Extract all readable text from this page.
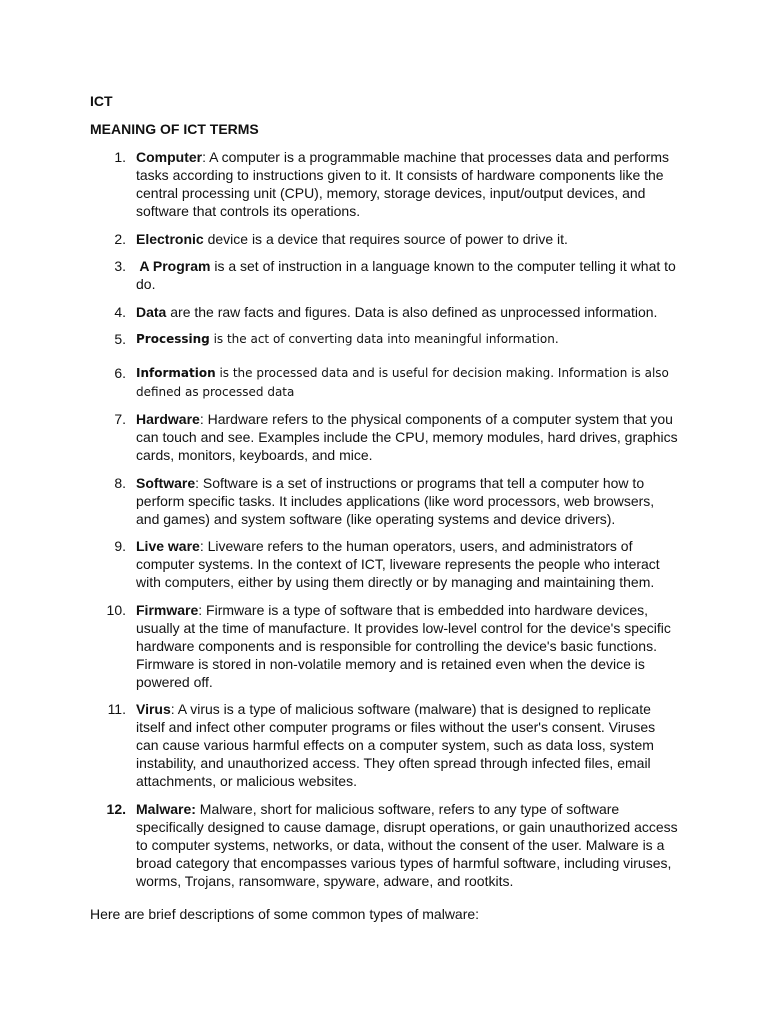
ICT
MEANING OF ICT TERMS
1. Computer: A computer is a programmable machine that processes data and performs tasks according to instructions given to it. It consists of hardware components like the central processing unit (CPU), memory, storage devices, input/output devices, and software that controls its operations.
2. Electronic device is a device that requires source of power to drive it.
3. A Program is a set of instruction in a language known to the computer telling it what to do.
4. Data are the raw facts and figures. Data is also defined as unprocessed information.
5. Processing is the act of converting data into meaningful information.
6. Information is the processed data and is useful for decision making. Information is also defined as processed data
7. Hardware: Hardware refers to the physical components of a computer system that you can touch and see. Examples include the CPU, memory modules, hard drives, graphics cards, monitors, keyboards, and mice.
8. Software: Software is a set of instructions or programs that tell a computer how to perform specific tasks. It includes applications (like word processors, web browsers, and games) and system software (like operating systems and device drivers).
9. Live ware: Liveware refers to the human operators, users, and administrators of computer systems. In the context of ICT, liveware represents the people who interact with computers, either by using them directly or by managing and maintaining them.
10. Firmware: Firmware is a type of software that is embedded into hardware devices, usually at the time of manufacture. It provides low-level control for the device's specific hardware components and is responsible for controlling the device's basic functions. Firmware is stored in non-volatile memory and is retained even when the device is powered off.
11. Virus: A virus is a type of malicious software (malware) that is designed to replicate itself and infect other computer programs or files without the user's consent. Viruses can cause various harmful effects on a computer system, such as data loss, system instability, and unauthorized access. They often spread through infected files, email attachments, or malicious websites.
12. Malware: Malware, short for malicious software, refers to any type of software specifically designed to cause damage, disrupt operations, or gain unauthorized access to computer systems, networks, or data, without the consent of the user. Malware is a broad category that encompasses various types of harmful software, including viruses, worms, Trojans, ransomware, spyware, adware, and rootkits.

Here are brief descriptions of some common types of malware:
